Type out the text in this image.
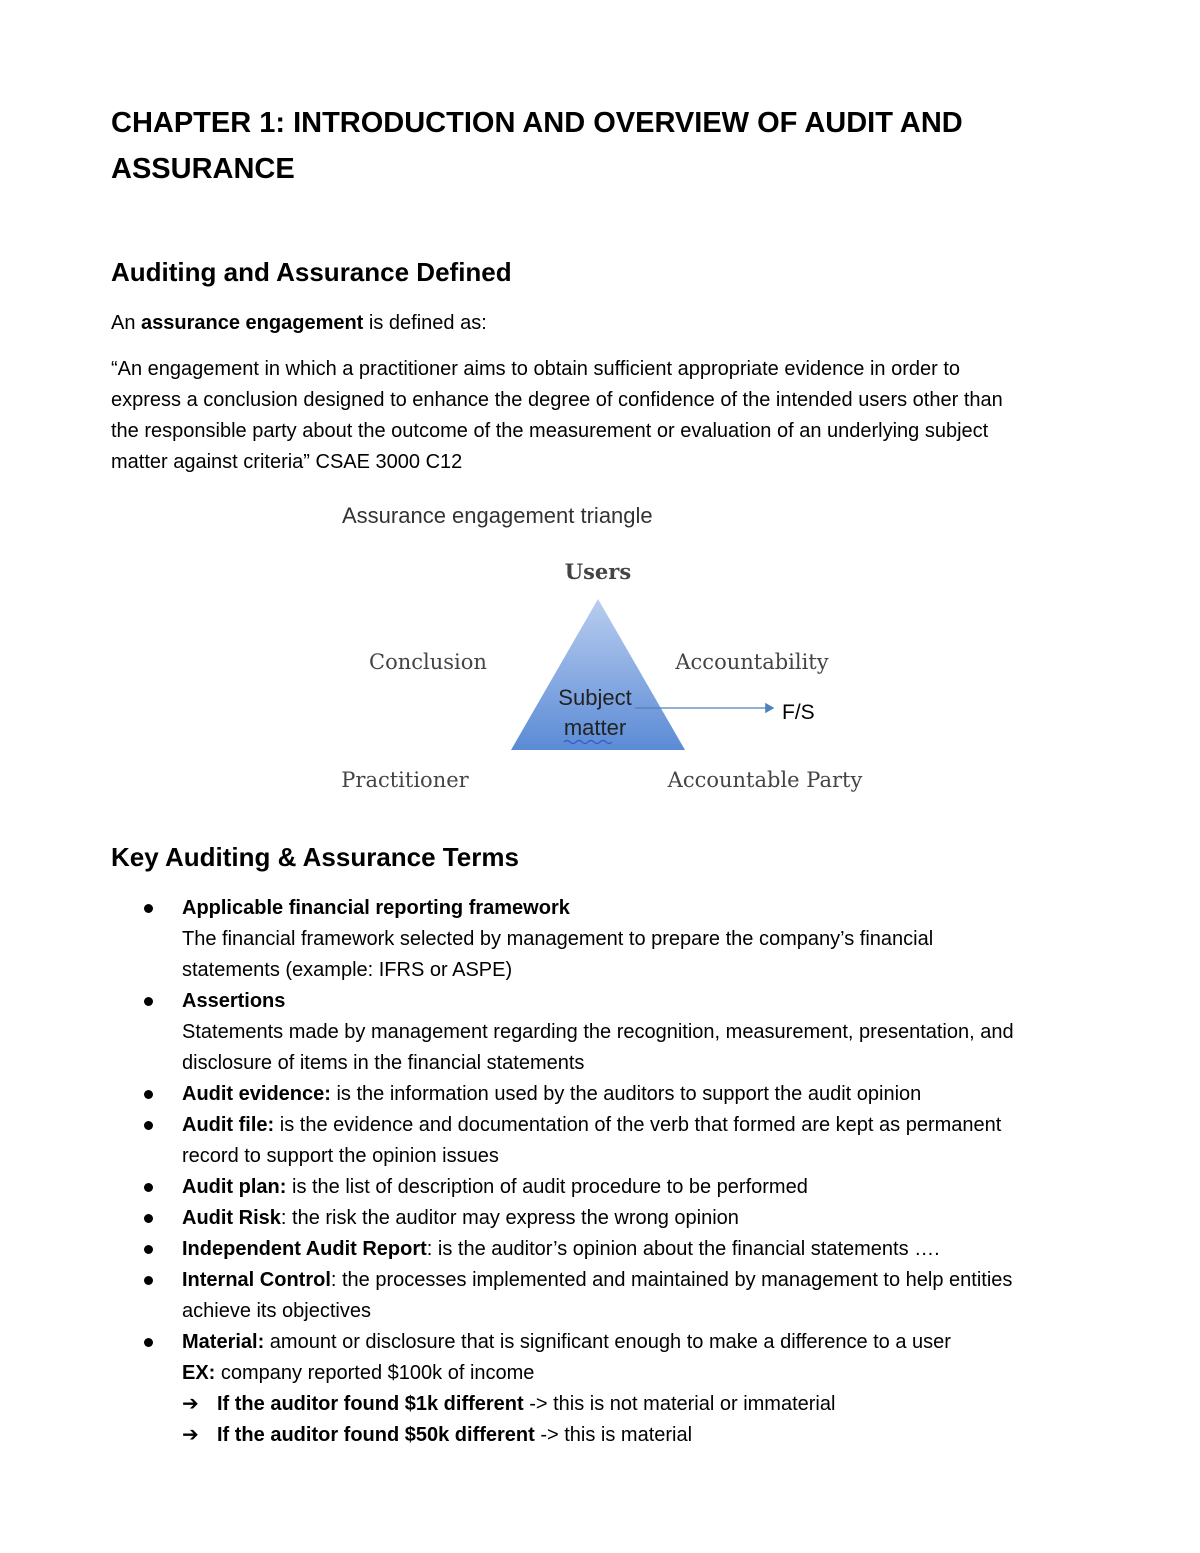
CHAPTER 1: INTRODUCTION AND OVERVIEW OF AUDIT AND
ASSURANCE
Auditing and Assurance Defined

An assurance engagement is defined as:

“An engagement in which a practitioner aims to obtain sufficient appropriate evidence in order to
express a conclusion designed to enhance the degree of confidence of the intended users other than
the responsible party about the outcome of the measurement or evaluation of an underlying subject
matter against criteria” CSAE 3000 C12

Assurance engagement triangle
Users
Conclusion	Accountability
Subject
matter
F/S
Practitioner	Accountable Party
Key Auditing & Assurance Terms
Applicable financial reporting framework
The financial framework selected by management to prepare the company’s financial
statements (example: IFRS or ASPE)
Assertions
Statements made by management regarding the recognition, measurement, presentation, and
disclosure of items in the financial statements
Audit evidence: is the information used by the auditors to support the audit opinion
Audit file: is the evidence and documentation of the verb that formed are kept as permanent
record to support the opinion issues
Audit plan: is the list of description of audit procedure to be performed
Audit Risk: the risk the auditor may express the wrong opinion
Independent Audit Report: is the auditor’s opinion about the financial statements ….
Internal Control: the processes implemented and maintained by management to help entities
achieve its objectives
Material: amount or disclosure that is significant enough to make a difference to a user
EX: company reported $100k of income
➔ If the auditor found $1k different -> this is not material or immaterial
➔ If the auditor found $50k different -> this is material
